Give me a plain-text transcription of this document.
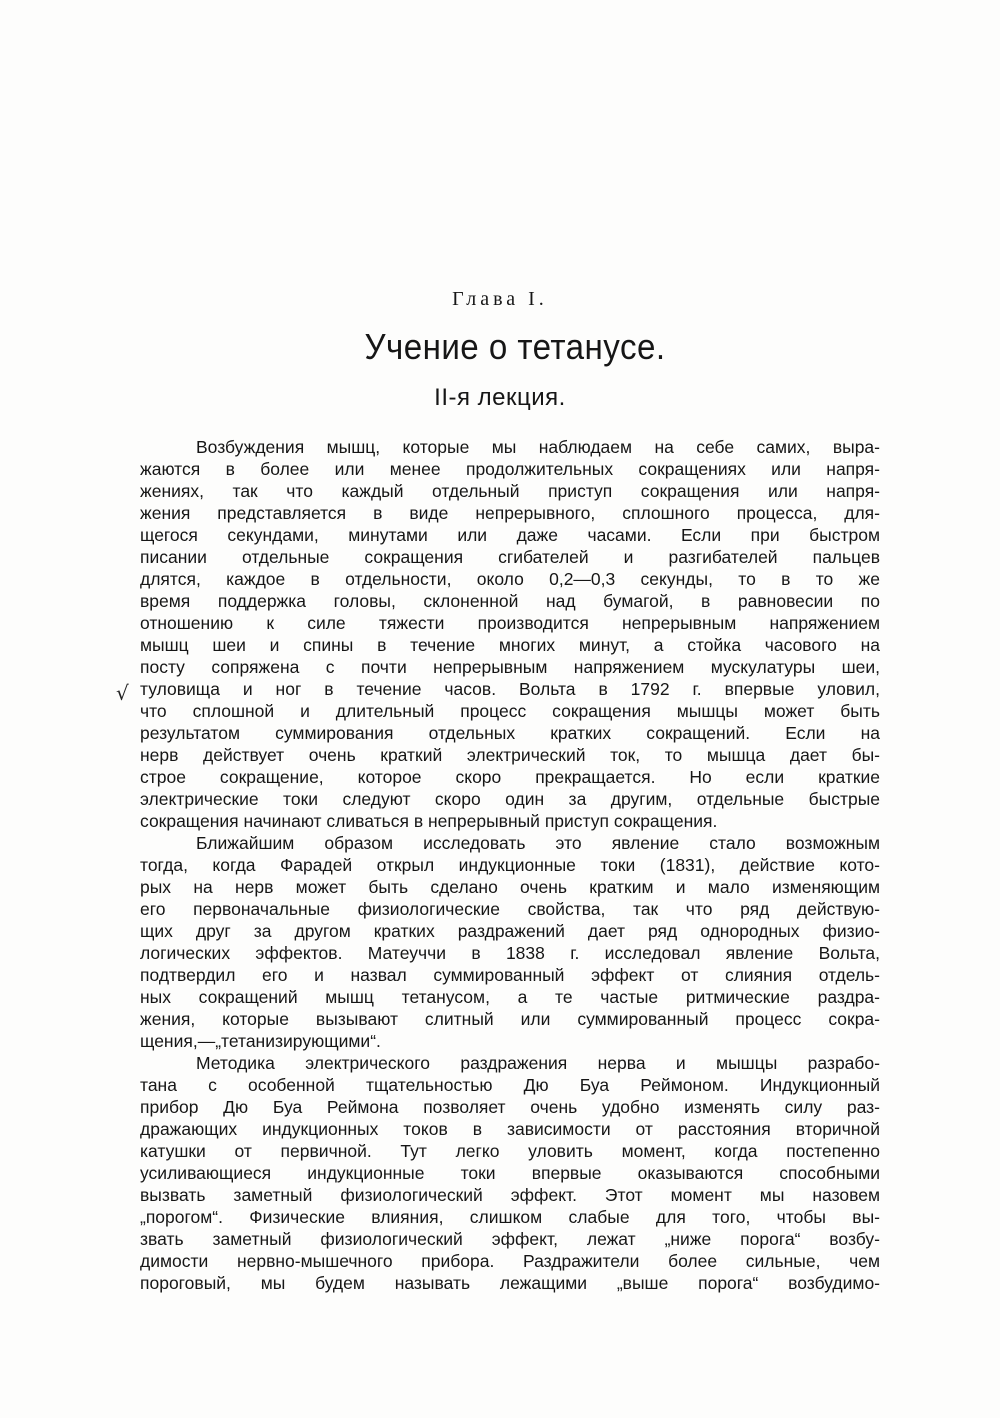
Глава I.
Учение о тетанусе.
II-я лекция.
√
Возбуждения мышц, которые мы наблюдаем на себе самих, выра-
жаются в более или менее продолжительных сокращениях или напря-
жениях, так что каждый отдельный приступ сокращения или напря-
жения представляется в виде непрерывного, сплошного процесса, для-
щегося секундами, минутами или даже часами. Если при быстром
писании отдельные сокращения сгибателей и разгибателей пальцев
длятся, каждое в отдельности, около 0,2—0,3 секунды, то в то же
время поддержка головы, склоненной над бумагой, в равновесии по
отношению к силе тяжести производится непрерывным напряжением
мышц шеи и спины в течение многих минут, а стойка часового на
посту сопряжена с почти непрерывным напряжением мускулатуры шеи,
туловища и ног в течение часов. Вольта в 1792 г. впервые уловил,
что сплошной и длительный процесс сокращения мышцы может быть
результатом суммирования отдельных кратких сокращений. Если на
нерв действует очень краткий электрический ток, то мышца дает бы-
строе сокращение, которое скоро прекращается. Но если краткие
электрические токи следуют скоро один за другим, отдельные быстрые
сокращения начинают сливаться в непрерывный приступ сокращения.
Ближайшим образом исследовать это явление стало возможным
тогда, когда Фарадей открыл индукционные токи (1831), действие кото-
рых на нерв может быть сделано очень кратким и мало изменяющим
его первоначальные физиологические свойства, так что ряд действую-
щих друг за другом кратких раздражений дает ряд однородных физио-
логических эффектов. Матеуччи в 1838 г. исследовал явление Вольта,
подтвердил его и назвал суммированный эффект от слияния отдель-
ных сокращений мышц тетанусом, а те частые ритмические раздра-
жения, которые вызывают слитный или суммированный процесс сокра-
щения,—„тетанизирующими“.
Методика электрического раздражения нерва и мышцы разрабо-
тана с особенной тщательностью Дю Буа Реймоном. Индукционный
прибор Дю Буа Реймона позволяет очень удобно изменять силу раз-
дражающих индукционных токов в зависимости от расстояния вторичной
катушки от первичной. Тут легко уловить момент, когда постепенно
усиливающиеся индукционные токи впервые оказываются способными
вызвать заметный физиологический эффект. Этот момент мы назовем
„порогом“. Физические влияния, слишком слабые для того, чтобы вы-
звать заметный физиологический эффект, лежат „ниже порога“ возбу-
димости нервно-мышечного прибора. Раздражители более сильные, чем
пороговый, мы будем называть лежащими „выше порога“ возбудимо-
